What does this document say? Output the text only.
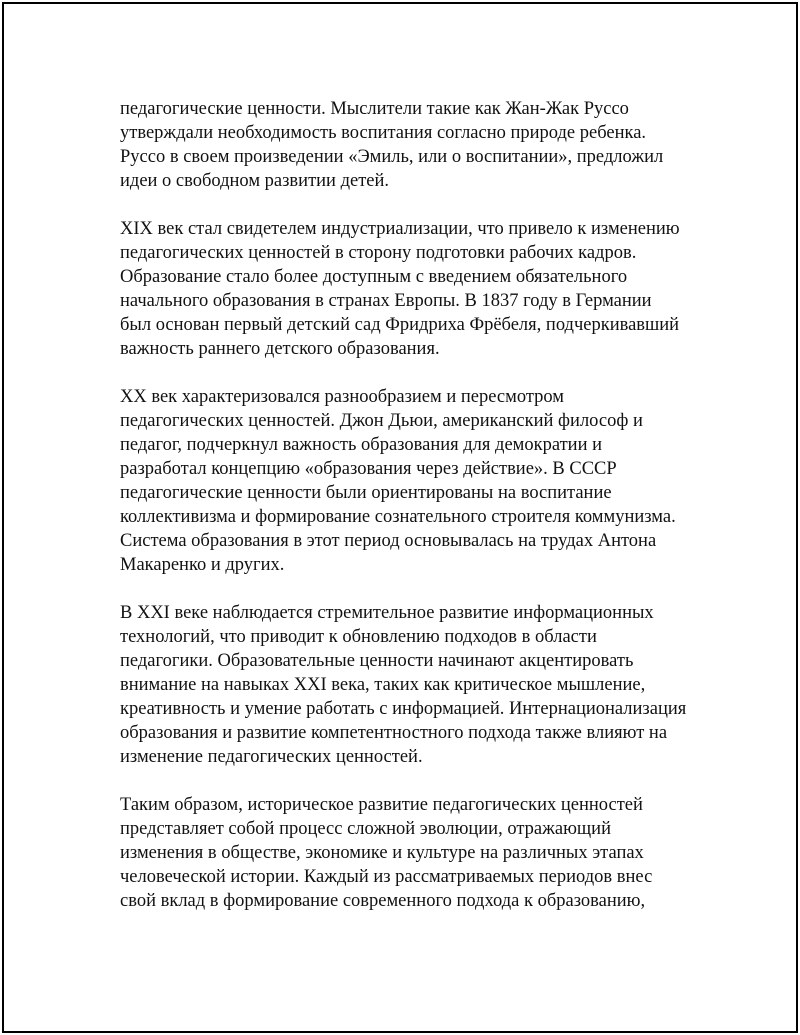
педагогические ценности. Мыслители такие как Жан-Жак Руссо
утверждали необходимость воспитания согласно природе ребенка.
Руссо в своем произведении «Эмиль, или о воспитании», предложил
идеи о свободном развитии детей.

XIX век стал свидетелем индустриализации, что привело к изменению
педагогических ценностей в сторону подготовки рабочих кадров.
Образование стало более доступным с введением обязательного
начального образования в странах Европы. В 1837 году в Германии
был основан первый детский сад Фридриха Фрёбеля, подчеркивавший
важность раннего детского образования.

XX век характеризовался разнообразием и пересмотром
педагогических ценностей. Джон Дьюи, американский философ и
педагог, подчеркнул важность образования для демократии и
разработал концепцию «образования через действие». В СССР
педагогические ценности были ориентированы на воспитание
коллективизма и формирование сознательного строителя коммунизма.
Система образования в этот период основывалась на трудах Антона
Макаренко и других.

В XXI веке наблюдается стремительное развитие информационных
технологий, что приводит к обновлению подходов в области
педагогики. Образовательные ценности начинают акцентировать
внимание на навыках XXI века, таких как критическое мышление,
креативность и умение работать с информацией. Интернационализация
образования и развитие компетентностного подхода также влияют на
изменение педагогических ценностей.

Таким образом, историческое развитие педагогических ценностей
представляет собой процесс сложной эволюции, отражающий
изменения в обществе, экономике и культуре на различных этапах
человеческой истории. Каждый из рассматриваемых периодов внес
свой вклад в формирование современного подхода к образованию,
